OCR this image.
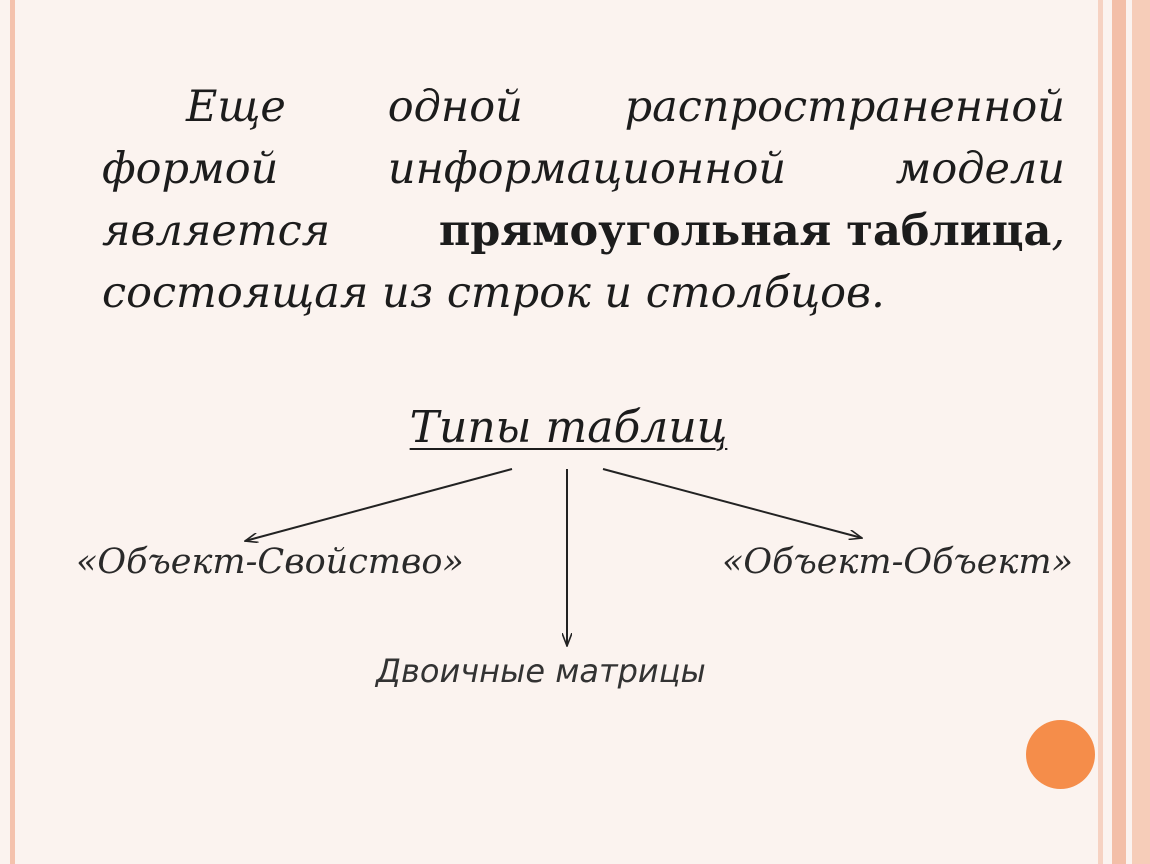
Еще одной распространенной
формой	информационной	модели
является	прямоугольная таблица,
состоящая из строк и столбцов.
Типы таблиц
«Объект-Свойство»	«Объект-Объект»
Двоичные матрицы
